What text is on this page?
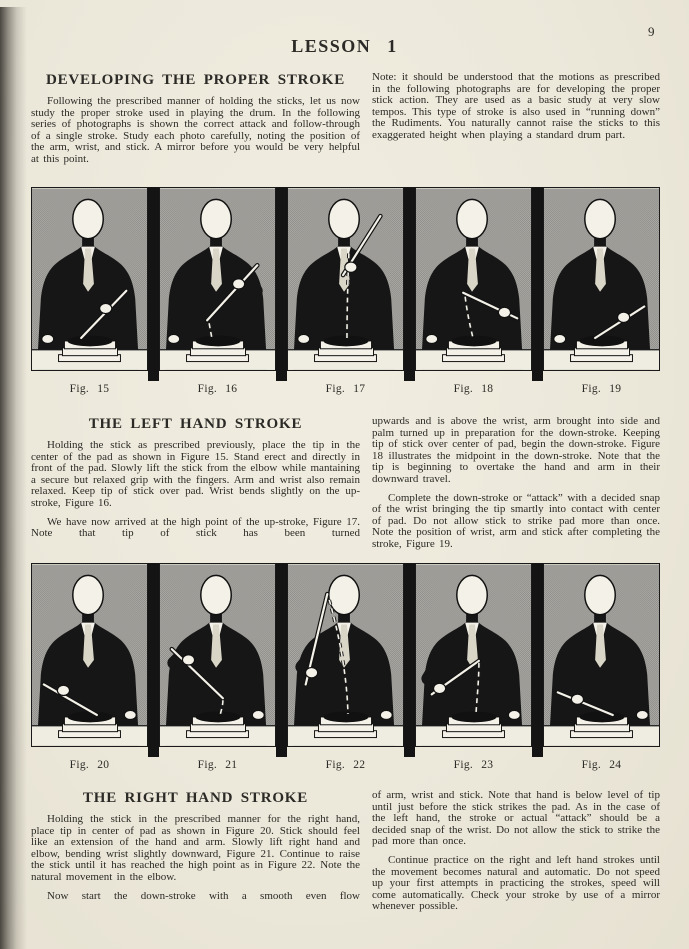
9
LESSON 1
DEVELOPING THE PROPER STROKE

Following the prescribed manner of holding the sticks, let us now study the proper stroke used in playing the drum. In the following series of photographs is shown the correct attack and follow-through of a single stroke. Study each photo carefully, noting the position of the arm, wrist, and stick. A mirror before you would be very helpful at this point.

Note: it should be understood that the motions as prescribed in the following photographs are for developing the proper stick action. They are used as a basic study at very slow tempos. This type of stroke is also used in “running down” the Rudiments. You naturally cannot raise the sticks to this exaggerated height when playing a standard drum part.

Fig. 15	Fig. 16	Fig. 17	Fig. 18	Fig. 19
THE LEFT HAND STROKE

Holding the stick as prescribed previously, place the tip in the center of the pad as shown in Figure 15. Stand erect and directly in front of the pad. Slowly lift the stick from the elbow while mantaining a secure but relaxed grip with the fingers. Arm and wrist also remain relaxed. Keep tip of stick over pad. Wrist bends slightly on the up-stroke, Figure 16.

We have now arrived at the high point of the up-stroke, Figure 17. Note that tip of stick has been turned

upwards and is above the wrist, arm brought into side and palm turned up in preparation for the down-stroke. Keeping tip of stick over center of pad, begin the down-stroke. Figure 18 illustrates the midpoint in the down-stroke. Note that the tip is beginning to overtake the hand and arm in their downward travel.

Complete the down-stroke or “attack” with a decided snap of the wrist bringing the tip smartly into contact with center of pad. Do not allow stick to strike pad more than once. Note the position of wrist, arm and stick after completing the stroke, Figure 19.

Fig. 20	Fig. 21	Fig. 22	Fig. 23	Fig. 24
THE RIGHT HAND STROKE

Holding the stick in the prescribed manner for the right hand, place tip in center of pad as shown in Figure 20. Stick should feel like an extension of the hand and arm. Slowly lift right hand and elbow, bending wrist slightly downward, Figure 21. Continue to raise the stick until it has reached the high point as in Figure 22. Note the natural movement in the elbow.

Now start the down-stroke with a smooth even flow

of arm, wrist and stick. Note that hand is below level of tip until just before the stick strikes the pad. As in the case of the left hand, the stroke or actual “attack” should be a decided snap of the wrist. Do not allow the stick to strike the pad more than once.

Continue practice on the right and left hand strokes until the movement becomes natural and automatic. Do not speed up your first attempts in practicing the strokes, speed will come automatically. Check your stroke by use of a mirror whenever possible.
